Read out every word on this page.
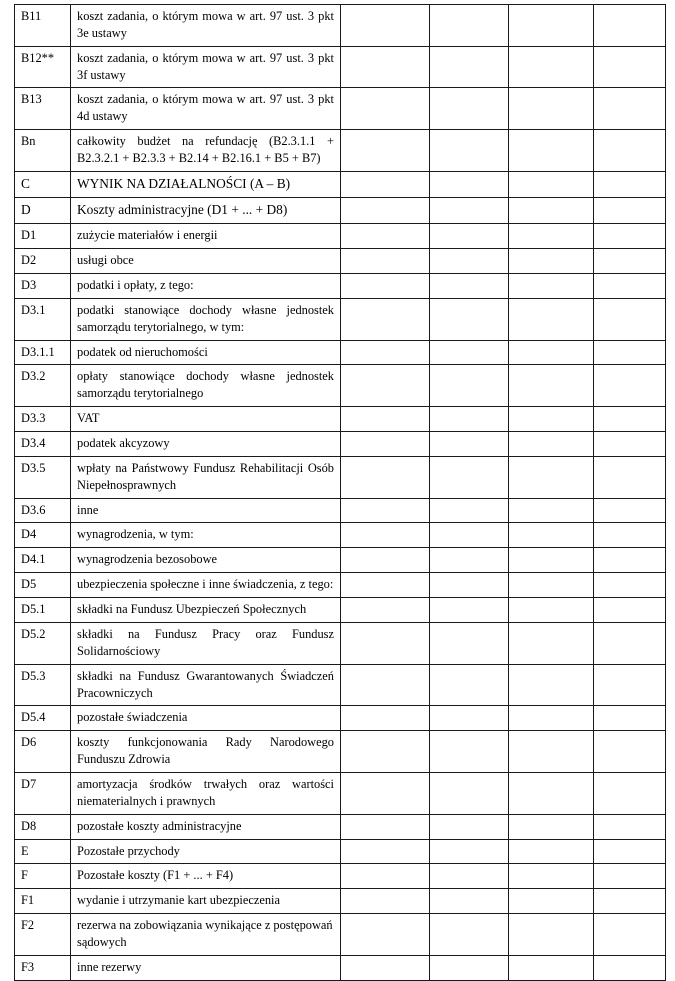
B11	koszt zadania, o którym mowa w art. 97 ust. 3 pkt 3e ustawy				
B12**	koszt zadania, o którym mowa w art. 97 ust. 3 pkt 3f ustawy				
B13	koszt zadania, o którym mowa w art. 97 ust. 3 pkt 4d ustawy				
Bn	całkowity budżet na refundację (B2.3.1.1 + B2.3.2.1 + B2.3.3 + B2.14 + B2.16.1 + B5 + B7)				
C	WYNIK NA DZIAŁALNOŚCI (A – B)				
D	Koszty administracyjne (D1 + ... + D8)				
D1	zużycie materiałów i energii				
D2	usługi obce				
D3	podatki i opłaty, z tego:				
D3.1	podatki stanowiące dochody własne jednostek samorządu terytorialnego, w tym:				
D3.1.1	podatek od nieruchomości				
D3.2	opłaty stanowiące dochody własne jednostek samorządu terytorialnego				
D3.3	VAT				
D3.4	podatek akcyzowy				
D3.5	wpłaty na Państwowy Fundusz Rehabilitacji Osób Niepełnosprawnych				
D3.6	inne				
D4	wynagrodzenia, w tym:				
D4.1	wynagrodzenia bezosobowe				
D5	ubezpieczenia społeczne i inne świadczenia, z tego:				
D5.1	składki na Fundusz Ubezpieczeń Społecznych				
D5.2	składki na Fundusz Pracy oraz Fundusz Solidarnościowy				
D5.3	składki na Fundusz Gwarantowanych Świadczeń Pracowniczych				
D5.4	pozostałe świadczenia				
D6	koszty funkcjonowania Rady Narodowego Funduszu Zdrowia				
D7	amortyzacja środków trwałych oraz wartości niematerialnych i prawnych				
D8	pozostałe koszty administracyjne				
E	Pozostałe przychody				
F	Pozostałe koszty (F1 + ... + F4)				
F1	wydanie i utrzymanie kart ubezpieczenia				
F2	rezerwa na zobowiązania wynikające z postępowań sądowych				
F3	inne rezerwy				
